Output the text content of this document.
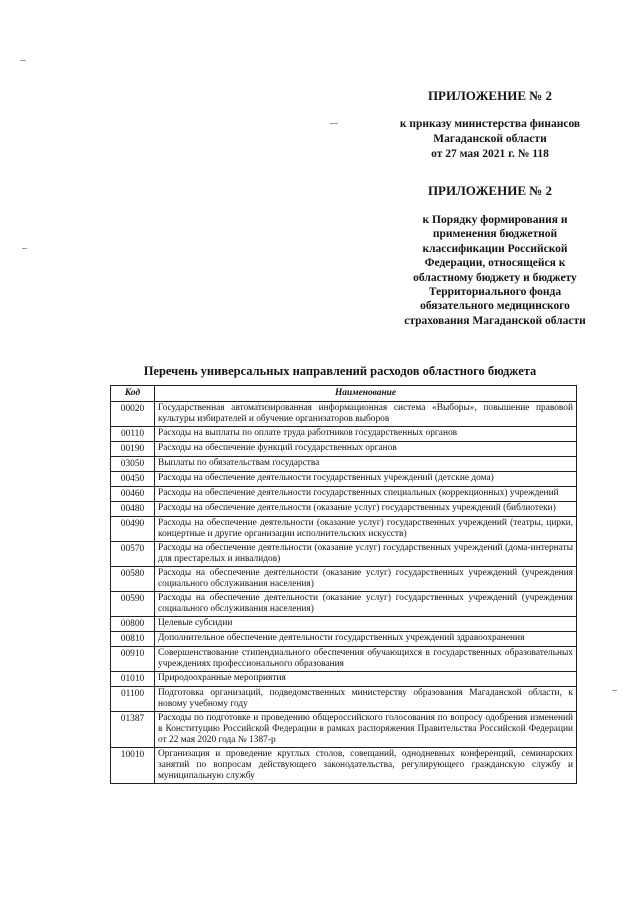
ПРИЛОЖЕНИЕ № 2
к приказу министерства финансов
Магаданской области
от 27 мая 2021 г. № 118
ПРИЛОЖЕНИЕ № 2
к Порядку формирования и
применения бюджетной
классификации Российской
Федерации, относящейся к
областному бюджету и бюджету
Территориального фонда
обязательного медицинского
страхования Магаданской области
Перечень универсальных направлений расходов областного бюджета
Код	Наименование
00020	Государственная автоматизированная информационная система «Выборы», повышение правовой культуры избирателей и обучение организаторов выборов
00110	Расходы на выплаты по оплате труда работников государственных органов
00190	Расходы на обеспечение функций государственных органов
03050	Выплаты по обязательствам государства
00450	Расходы на обеспечение деятельности государственных учреждений (детские дома)
00460	Расходы на обеспечение деятельности государственных специальных (коррекционных) учреждений
00480	Расходы на обеспечение деятельности (оказание услуг) государственных учреждений (библиотеки)
00490	Расходы на обеспечение деятельности (оказание услуг) государственных учреждений (театры, цирки, концертные и другие организации исполнительских искусств)
00570	Расходы на обеспечение деятельности (оказание услуг) государственных учреждений (дома-интернаты для престарелых и инвалидов)
00580	Расходы на обеспечение деятельности (оказание услуг) государственных учреждений (учреждения социального обслуживания населения)
00590	Расходы на обеспечение деятельности (оказание услуг) государственных учреждений (учреждения социального обслуживания населения)
00800	Целевые субсидии
00810	Дополнительное обеспечение деятельности государственных учреждений здравоохранения
00910	Совершенствование стипендиального обеспечения обучающихся в государственных образовательных учреждениях профессионального образования
01010	Природоохранные мероприятия
01100	Подготовка организаций, подведомственных министерству образования Магаданской области, к новому учебному году
01387	Расходы по подготовке и проведению общероссийского голосования по вопросу одобрения изменений в Конституцию Российской Федерации в рамках распоряжения Правительства Российской Федерации от 22 мая 2020 года № 1387-р
10010	Организация и проведение круглых столов, совещаний, однодневных конференций, семинарских занятий по вопросам действующего законодательства, регулирующего гражданскую службу и муниципальную службу
